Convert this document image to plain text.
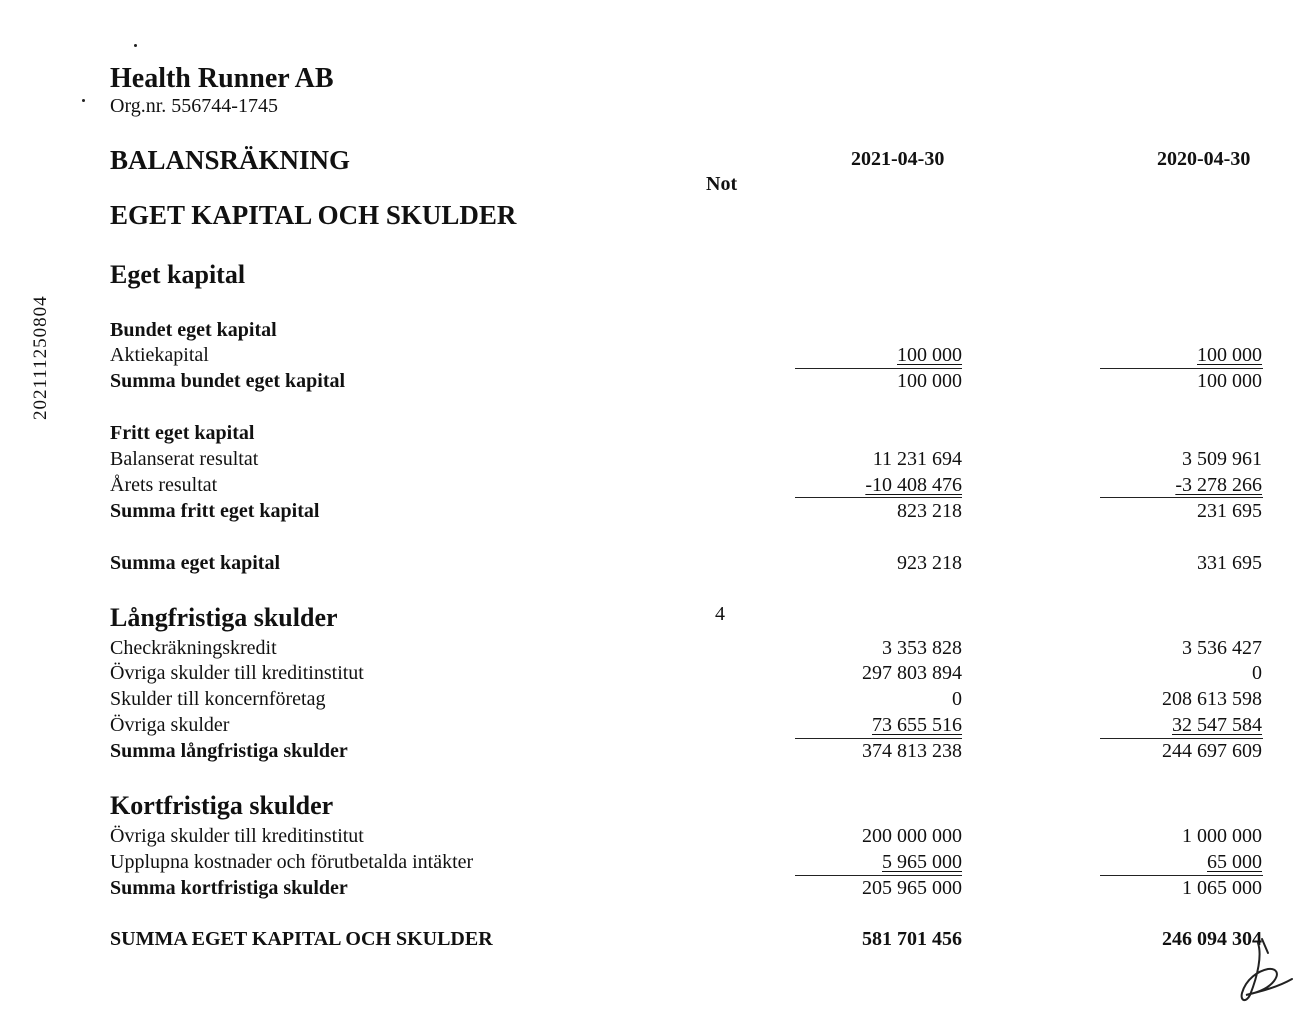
202111250804
Health Runner AB
Org.nr. 556744-1745
BALANSRÄKNING	2021-04-30	2020-04-30
Not
EGET KAPITAL OCH SKULDER
Eget kapital
Bundet eget kapital
Aktiekapital	100 000	100 000
Summa bundet eget kapital	100 000	100 000
Fritt eget kapital
Balanserat resultat	11 231 694	3 509 961
Årets resultat	-10 408 476	-3 278 266
Summa fritt eget kapital	823 218	231 695
Summa eget kapital	923 218	331 695
Långfristiga skulder	4
Checkräkningskredit	3 353 828	3 536 427
Övriga skulder till kreditinstitut	297 803 894	0
Skulder till koncernföretag	0	208 613 598
Övriga skulder	73 655 516	32 547 584
Summa långfristiga skulder	374 813 238	244 697 609
Kortfristiga skulder
Övriga skulder till kreditinstitut	200 000 000	1 000 000
Upplupna kostnader och förutbetalda intäkter	5 965 000	65 000
Summa kortfristiga skulder	205 965 000	1 065 000
SUMMA EGET KAPITAL OCH SKULDER	581 701 456	246 094 304
